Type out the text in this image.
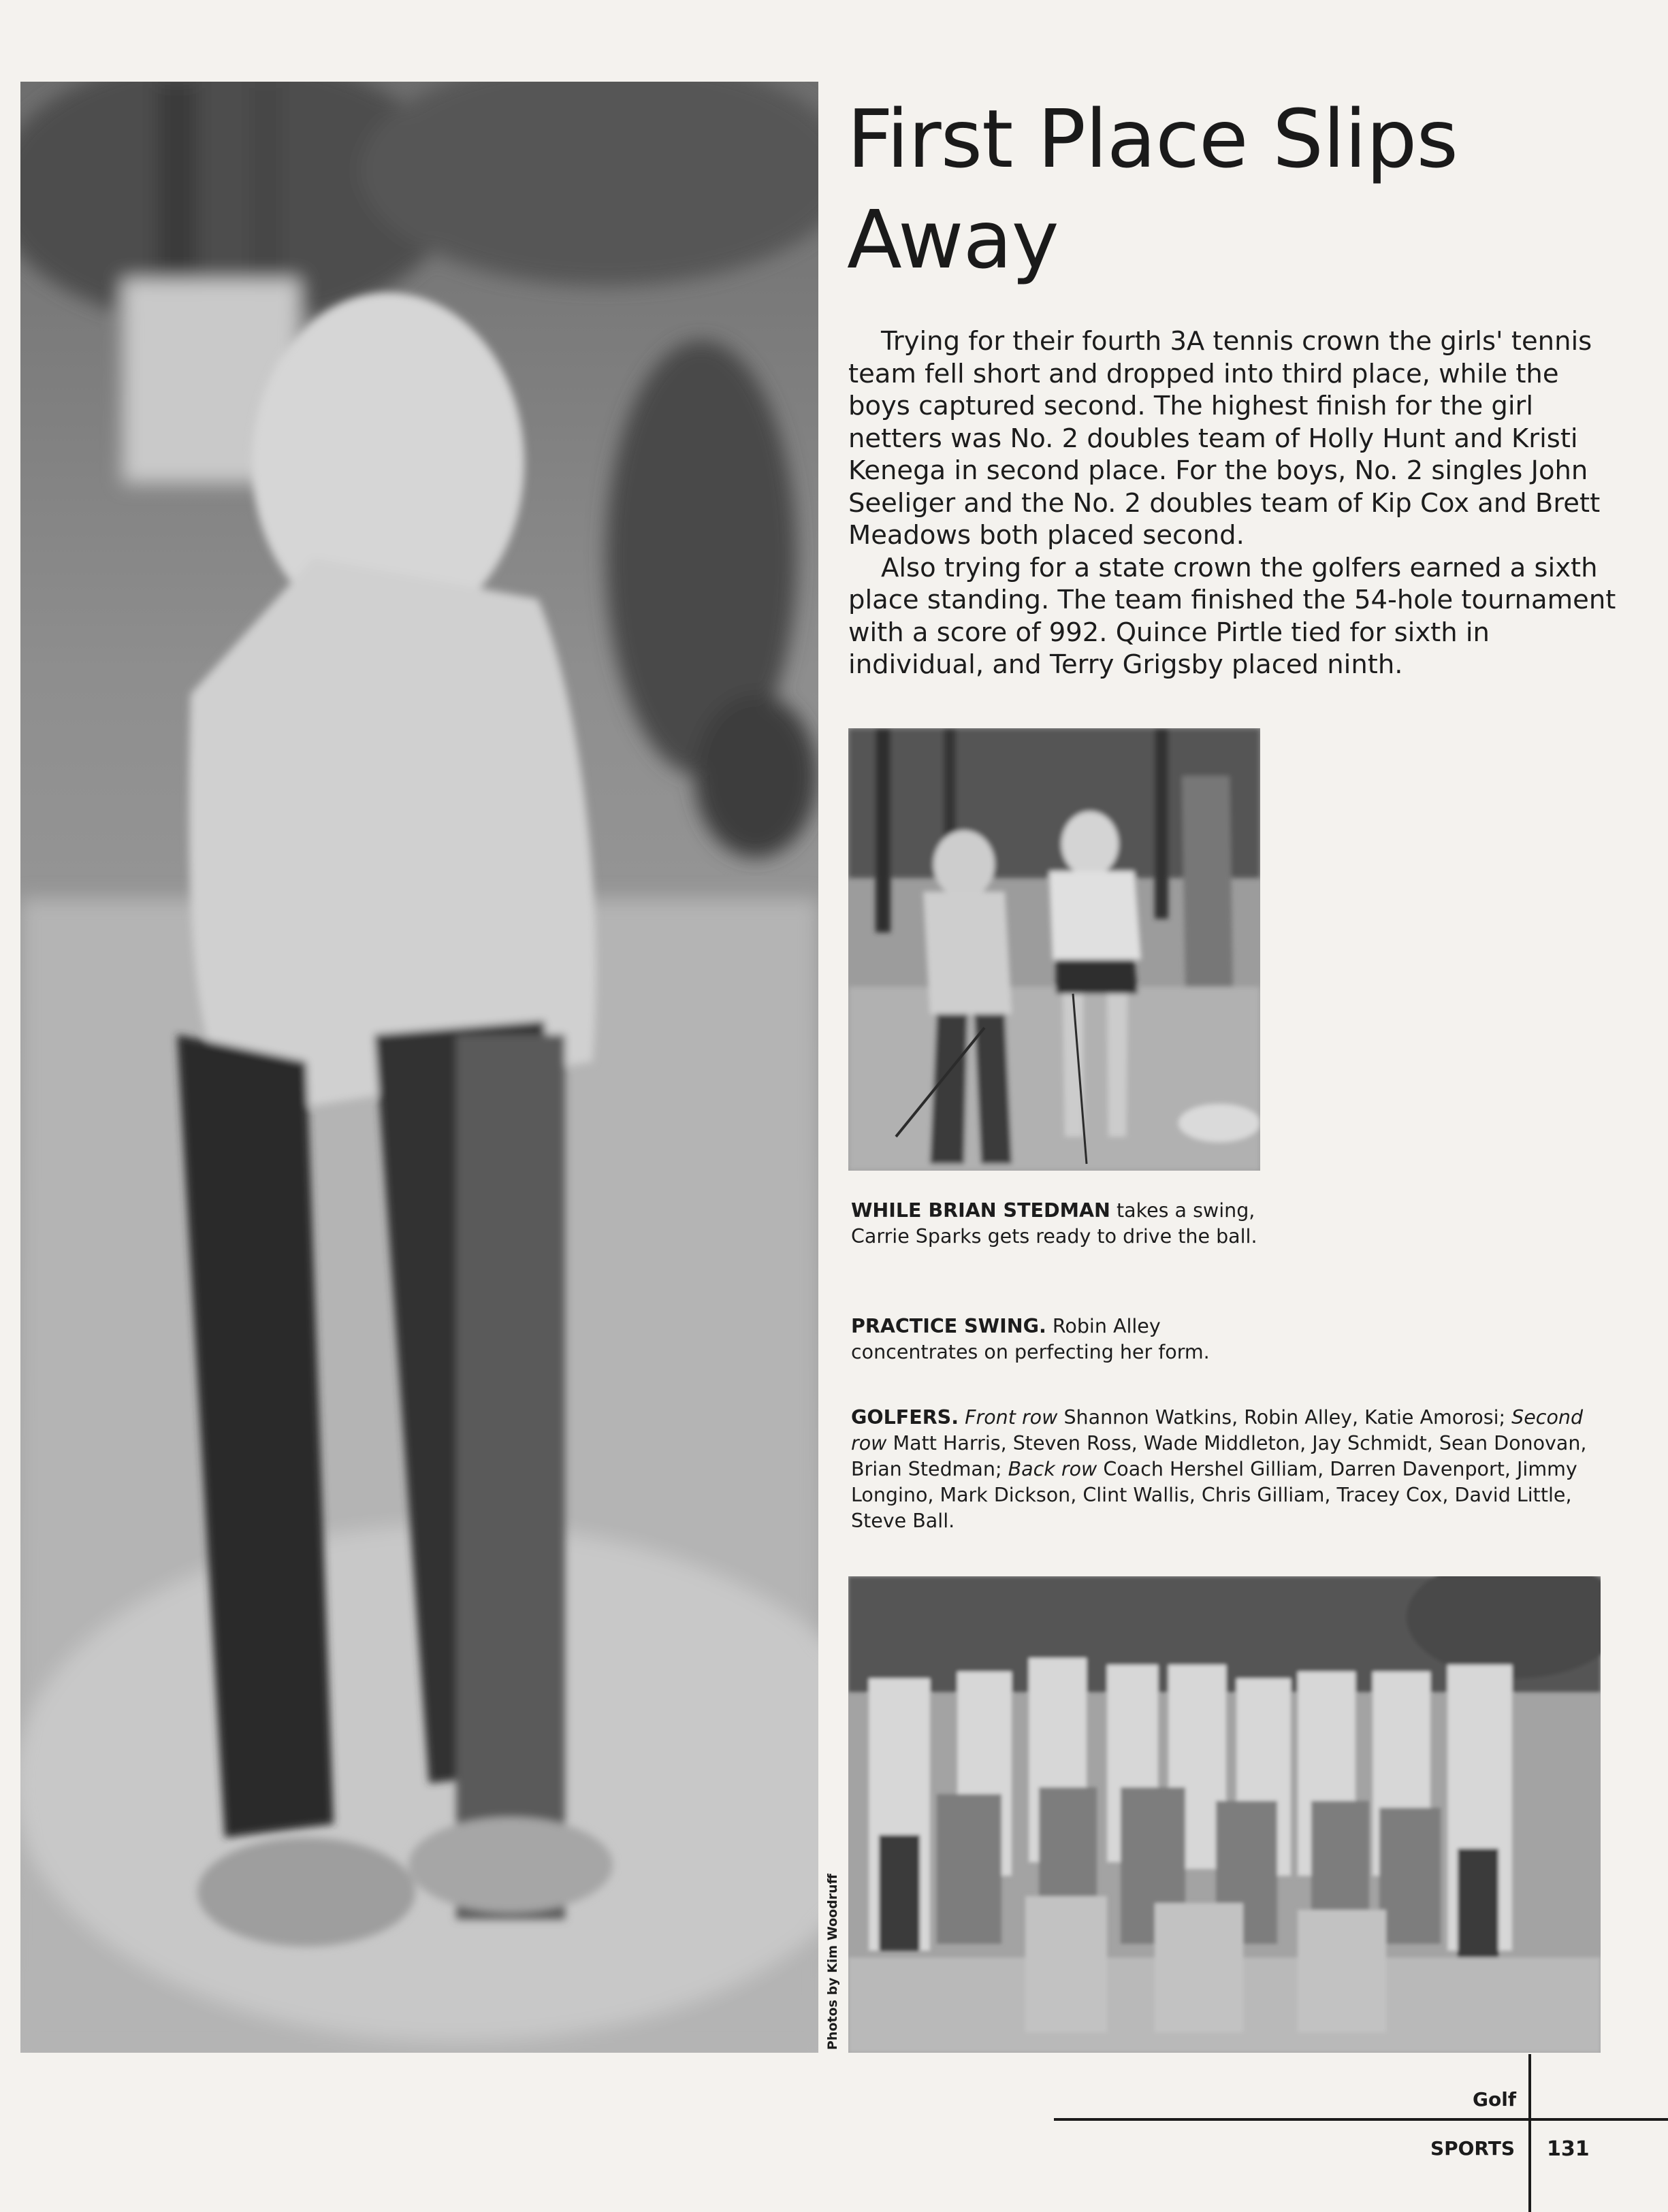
First Place Slips Away

Trying for their fourth 3A tennis crown the girls' tennis team fell short and dropped into third place, while the boys captured second. The highest finish for the girl netters was No. 2 doubles team of Holly Hunt and Kristi Kenega in second place. For the boys, No. 2 singles John Seeliger and the No. 2 doubles team of Kip Cox and Brett Meadows both placed second.

Also trying for a state crown the golfers earned a sixth place standing. The team finished the 54-hole tournament with a score of 992. Quince Pirtle tied for sixth in individual, and Terry Grigsby placed ninth.

WHILE BRIAN STEDMAN takes a swing, Carrie Sparks gets ready to drive the ball.

PRACTICE SWING. Robin Alley concentrates on perfecting her form.

GOLFERS. Front row Shannon Watkins, Robin Alley, Katie Amorosi; Second row Matt Harris, Steven Ross, Wade Middleton, Jay Schmidt, Sean Donovan, Brian Stedman; Back row Coach Hershel Gilliam, Darren Davenport, Jimmy Longino, Mark Dickson, Clint Wallis, Chris Gilliam, Tracey Cox, David Little, Steve Ball.

Photos by Kim Woodruff
Golf
SPORTS 131
